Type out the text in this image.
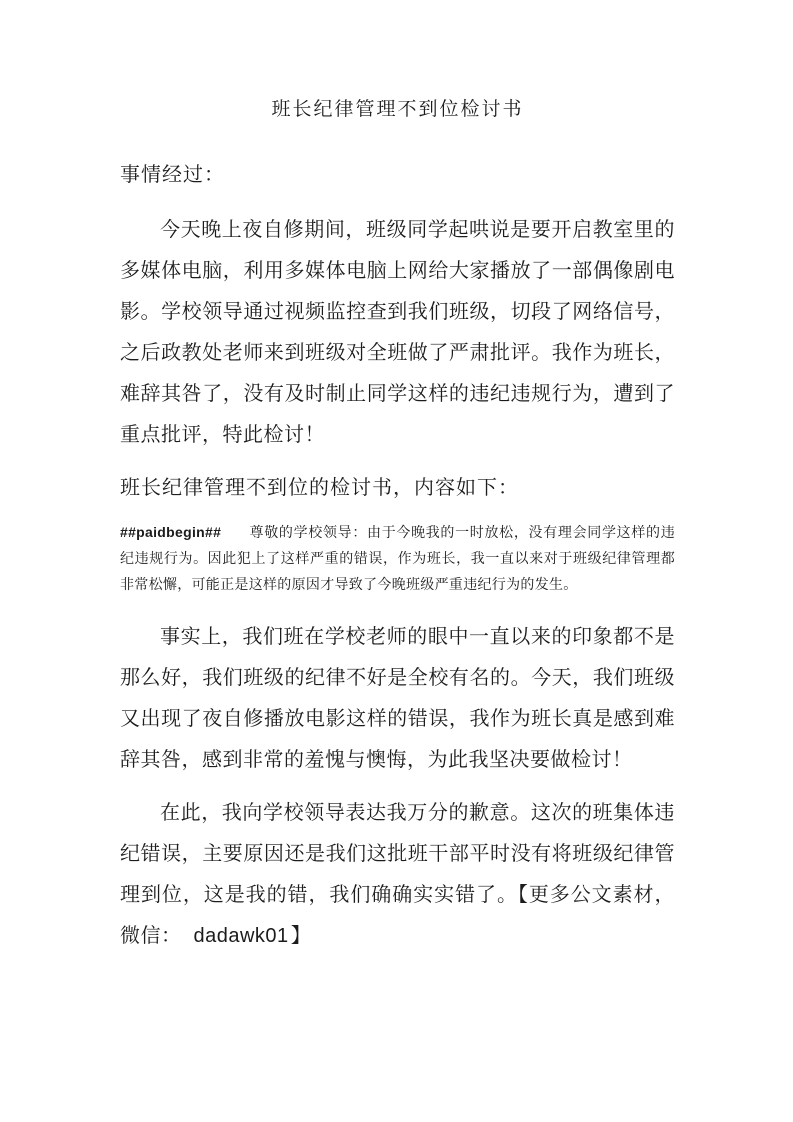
班长纪律管理不到位检讨书

事情经过：

今天晚上夜自修期间，班级同学起哄说是要开启教室里的多媒体电脑，利用多媒体电脑上网给大家播放了一部偶像剧电影。学校领导通过视频监控查到我们班级，切段了网络信号，之后政教处老师来到班级对全班做了严肃批评。我作为班长，难辞其咎了，没有及时制止同学这样的违纪违规行为，遭到了重点批评，特此检讨！

班长纪律管理不到位的检讨书，内容如下：

##paidbegin## 尊敬的学校领导：由于今晚我的一时放松，没有理会同学这样的违纪违规行为。因此犯上了这样严重的错误，作为班长，我一直以来对于班级纪律管理都非常松懈，可能正是这样的原因才导致了今晚班级严重违纪行为的发生。

事实上，我们班在学校老师的眼中一直以来的印象都不是那么好，我们班级的纪律不好是全校有名的。今天，我们班级又出现了夜自修播放电影这样的错误，我作为班长真是感到难辞其咎，感到非常的羞愧与懊悔，为此我坚决要做检讨！

在此，我向学校领导表达我万分的歉意。这次的班集体违纪错误，主要原因还是我们这批班干部平时没有将班级纪律管理到位，这是我的错，我们确确实实错了。【更多公文素材，微信： dadawk01 】
